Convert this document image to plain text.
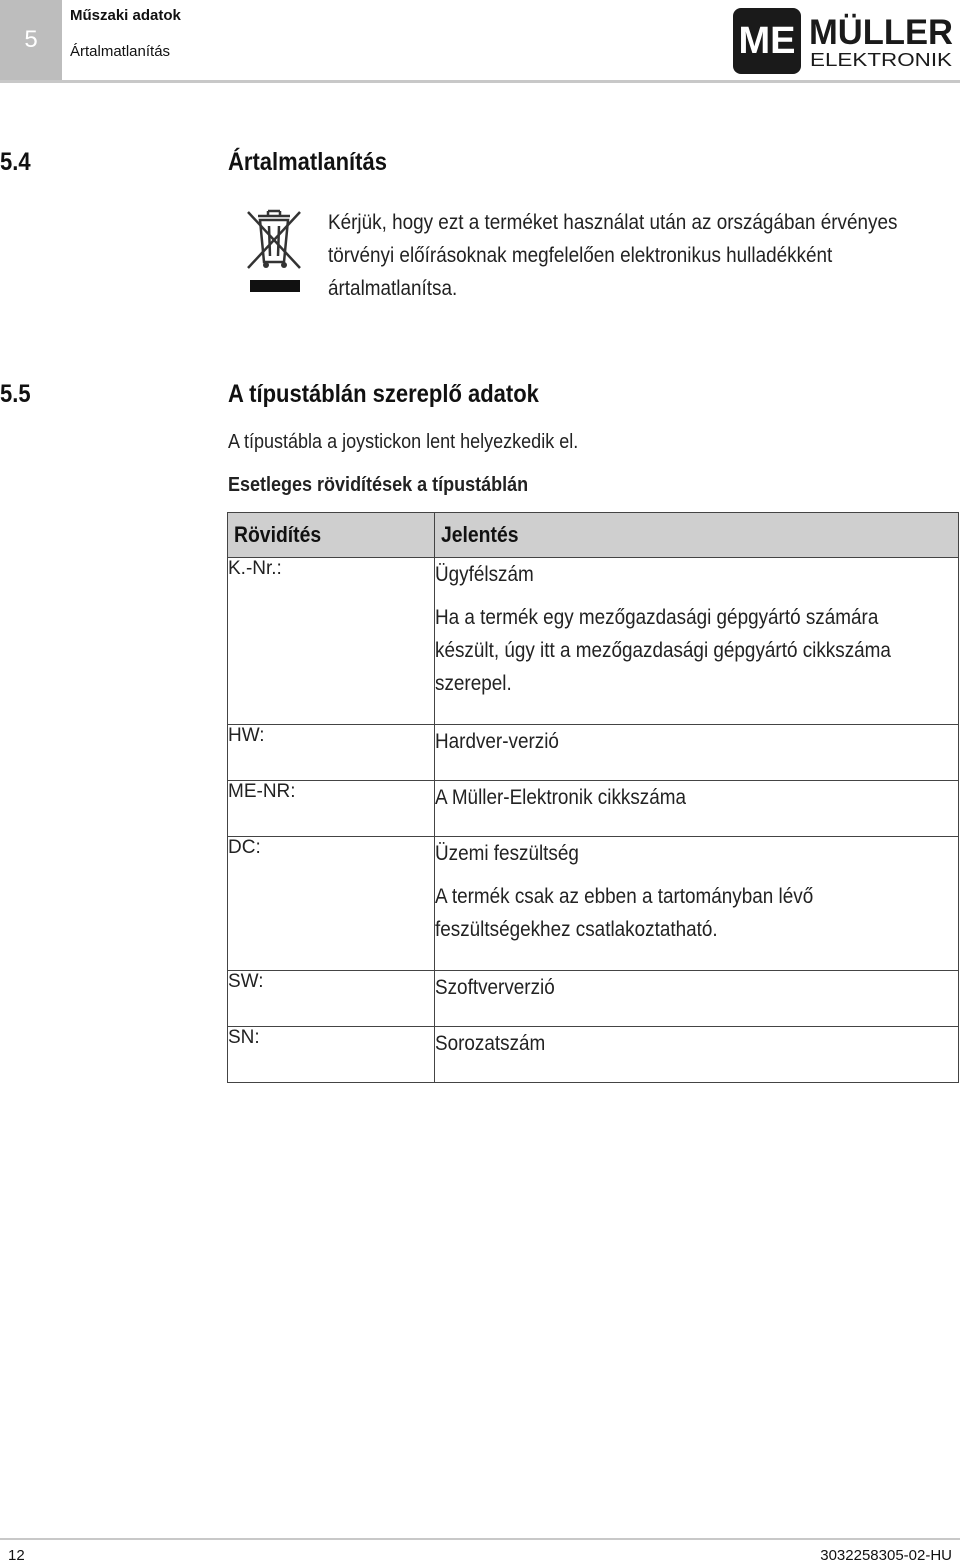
5
Műszaki adatok
Ártalmatlanítás	ME MÜLLER
ELEKTRONIK
5.4	Ártalmatlanítás
Kérjük, hogy ezt a terméket használat után az országában érvényes
törvényi előírásoknak megfelelően elektronikus hulladékként
ártalmatlanítsa.
5.5	A típustáblán szereplő adatok
A típustábla a joystickon lent helyezkedik el.
Esetleges rövidítések a típustáblán
Rövidítés	Jelentés
K.-Nr.:	Ügyfélszám

Ha a termék egy mezőgazdasági gépgyártó számára
készült, úgy itt a mezőgazdasági gépgyártó cikkszáma
szerepel.

HW:	Hardver-verzió

ME-NR:	A Müller-Elektronik cikkszáma

DC:	Üzemi feszültség

A termék csak az ebben a tartományban lévő
feszültségekhez csatlakoztatható.

SW:	Szoftververzió

SN:	Sorozatszám

12	3032258305-02-HU
